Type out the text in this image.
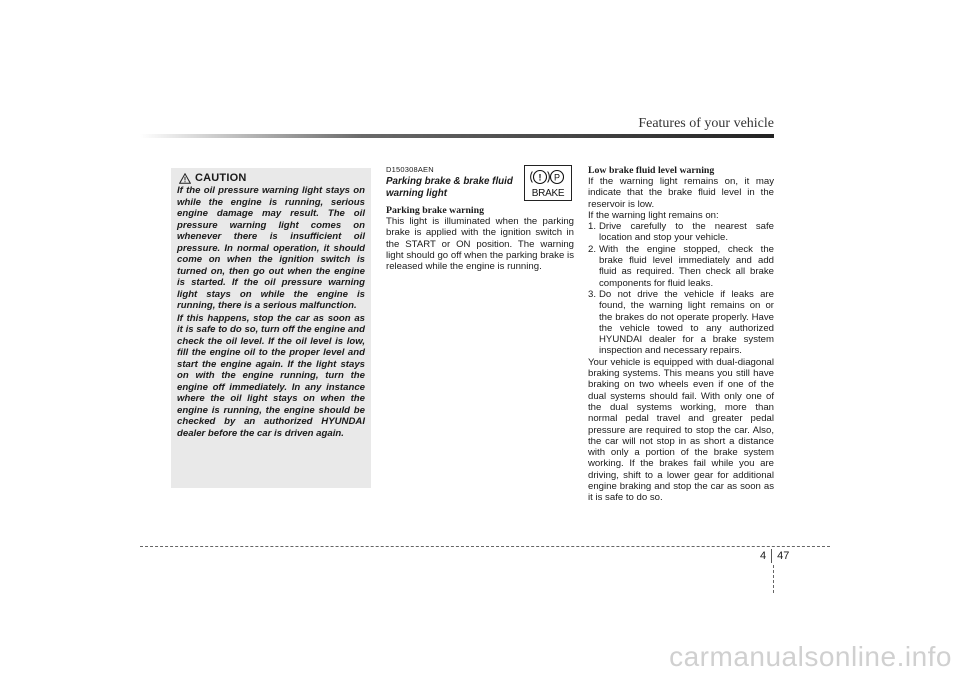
Features of your vehicle
CAUTION

If the oil pressure warning light stays on while the engine is running, serious engine damage may result. The oil pressure warning light comes on whenever there is insufficient oil pressure. In normal operation, it should come on when the ignition switch is turned on, then go out when the engine is started. If the oil pressure warning light stays on while the engine is running, there is a serious malfunction.

If this happens, stop the car as soon as it is safe to do so, turn off the engine and check the oil level. If the oil level is low, fill the engine oil to the proper level and start the engine again. If the light stays on with the engine running, turn the engine off immediately. In any instance where the oil light stays on when the engine is running, the engine should be checked by an authorized HYUNDAI dealer before the car is driven again.

D150308AEN
Parking brake & brake fluid warning light
! P
BRAKE
Parking brake warning

This light is illuminated when the parking brake is applied with the ignition switch in the START or ON position. The warning light should go off when the parking brake is released while the engine is running.

Low brake fluid level warning

If the warning light remains on, it may indicate that the brake fluid level in the reservoir is low.

If the warning light remains on:

1. Drive carefully to the nearest safe location and stop your vehicle.
2. With the engine stopped, check the brake fluid level immediately and add fluid as required. Then check all brake components for fluid leaks.
3. Do not drive the vehicle if leaks are found, the warning light remains on or the brakes do not operate properly. Have the vehicle towed to any authorized HYUNDAI dealer for a brake system inspection and necessary repairs.

Your vehicle is equipped with dual-diagonal braking systems. This means you still have braking on two wheels even if one of the dual systems should fail. With only one of the dual systems working, more than normal pedal travel and greater pedal pressure are required to stop the car. Also, the car will not stop in as short a distance with only a portion of the brake system working. If the brakes fail while you are driving, shift to a lower gear for additional engine braking and stop the car as soon as it is safe to do so.

4 47
carmanualsonline.info
